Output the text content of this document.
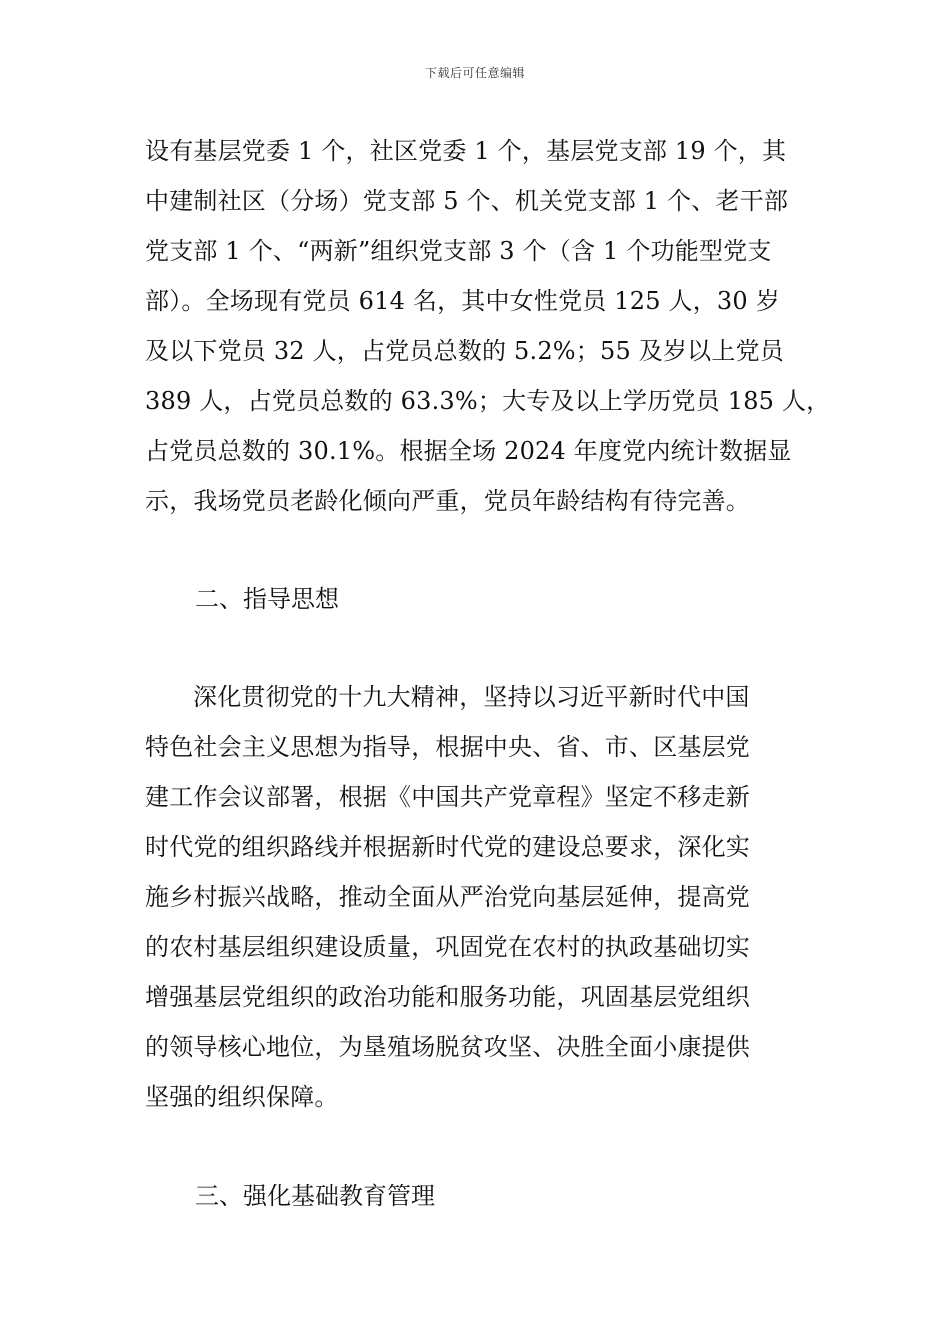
下载后可任意编辑
设有基层党委 1 个，社区党委 1 个，基层党支部 19 个，其
中建制社区（分场）党支部 5 个、机关党支部 1 个、老干部
党支部 1 个、“两新”组织党支部 3 个（含 1 个功能型党支
部）。全场现有党员 614 名，其中女性党员 125 人，30 岁
及以下党员 32 人，占党员总数的 5.2%；55 及岁以上党员
389 人，占党员总数的 63.3%；大专及以上学历党员 185 人，
占党员总数的 30.1%。根据全场 2024 年度党内统计数据显
示，我场党员老龄化倾向严重，党员年龄结构有待完善。
二、指导思想
深化贯彻党的十九大精神，坚持以习近平新时代中国
特色社会主义思想为指导，根据中央、省、市、区基层党
建工作会议部署，根据《中国共产党章程》坚定不移走新
时代党的组织路线并根据新时代党的建设总要求，深化实
施乡村振兴战略，推动全面从严治党向基层延伸，提高党
的农村基层组织建设质量，巩固党在农村的执政基础切实
增强基层党组织的政治功能和服务功能，巩固基层党组织
的领导核心地位，为垦殖场脱贫攻坚、决胜全面小康提供
坚强的组织保障。
三、强化基础教育管理
